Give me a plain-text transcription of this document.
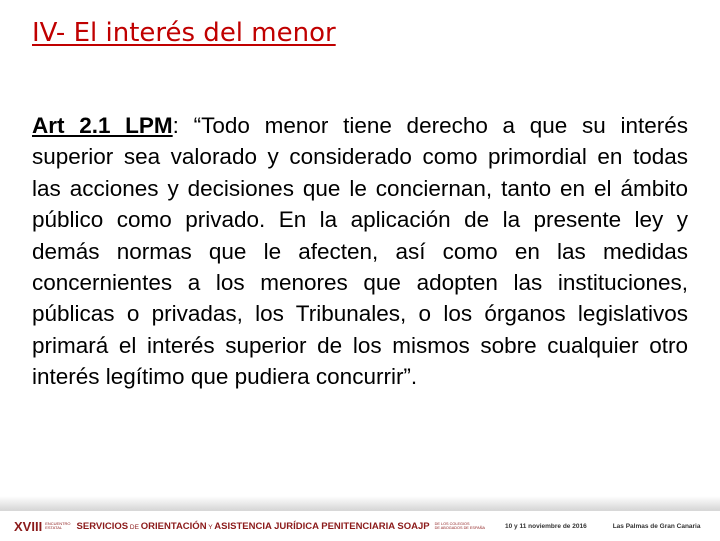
IV- El interés del menor
Art 2.1 LPM: “Todo menor tiene derecho a que su interés superior sea valorado y considerado como primordial en todas las acciones y decisiones que le conciernan, tanto en el ámbito público como privado. En la aplicación de la presente ley y demás normas que le afecten, así como en las medidas concernientes a los menores que adopten las instituciones, públicas o privadas, los Tribunales, o los órganos legislativos primará el interés superior de los mismos sobre cualquier otro interés legítimo que pudiera concurrir”.
XVIII ENCUENTRO
ESTATAL	SERVICIOS DE ORIENTACIÓN Y ASISTENCIA JURÍDICA PENITENCIARIA SOAJP DE LOS COLEGIOS
DE ABOGADOS DE ESPAÑA	10 y 11 noviembre de 2016	Las Palmas de Gran Canaria
